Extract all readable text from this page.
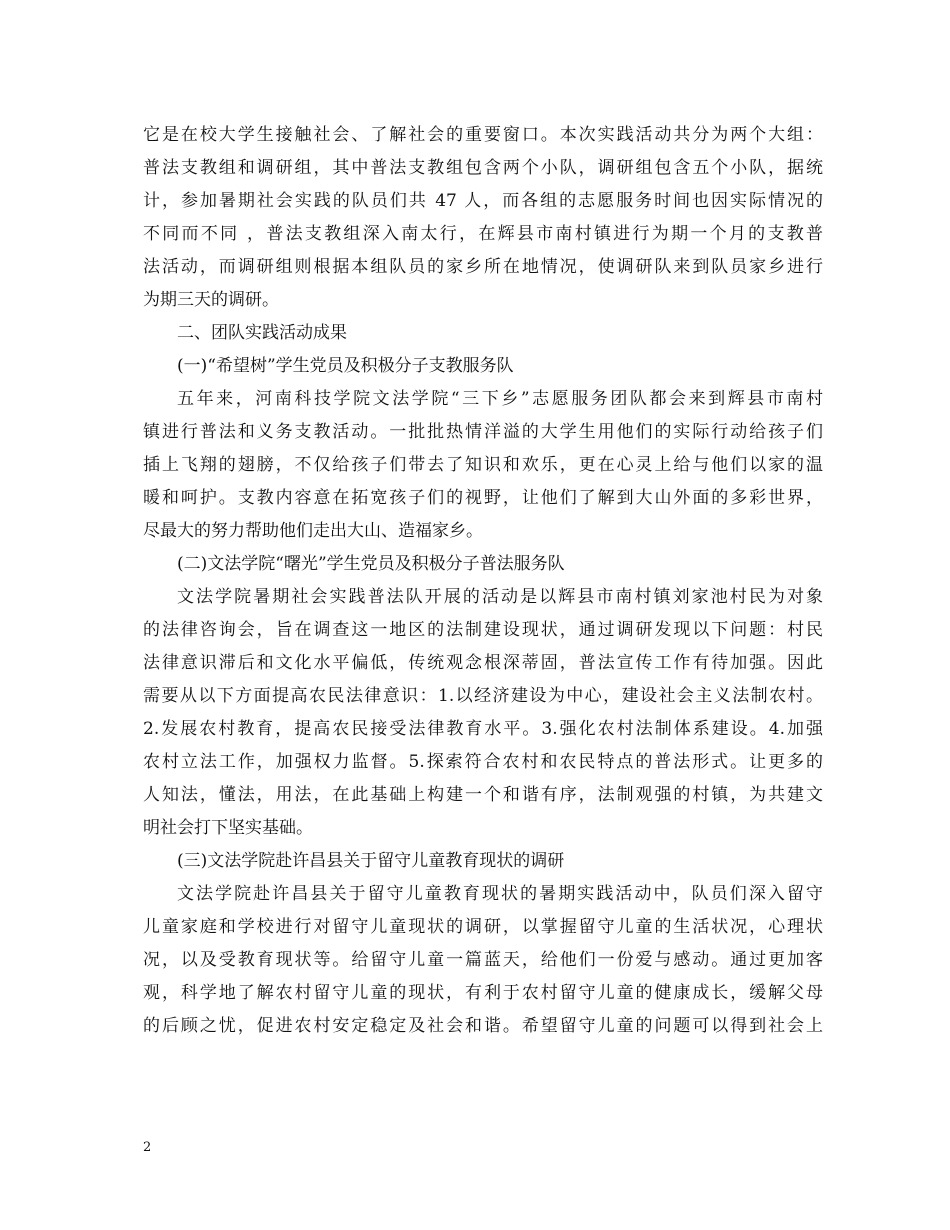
它是在校大学生接触社会、了解社会的重要窗口。本次实践活动共分为两个大组：
普法支教组和调研组，其中普法支教组包含两个小队，调研组包含五个小队，据统
计，参加暑期社会实践的队员们共 47 人，而各组的志愿服务时间也因实际情况的
不同而不同 ，普法支教组深入南太行，在辉县市南村镇进行为期一个月的支教普
法活动，而调研组则根据本组队员的家乡所在地情况，使调研队来到队员家乡进行
为期三天的调研。
二、团队实践活动成果
(一)“希望树”学生党员及积极分子支教服务队
五年来，河南科技学院文法学院“三下乡”志愿服务团队都会来到辉县市南村
镇进行普法和义务支教活动。一批批热情洋溢的大学生用他们的实际行动给孩子们
插上飞翔的翅膀，不仅给孩子们带去了知识和欢乐，更在心灵上给与他们以家的温
暖和呵护。支教内容意在拓宽孩子们的视野，让他们了解到大山外面的多彩世界，
尽最大的努力帮助他们走出大山、造福家乡。
(二)文法学院“曙光”学生党员及积极分子普法服务队
文法学院暑期社会实践普法队开展的活动是以辉县市南村镇刘家池村民为对象
的法律咨询会，旨在调查这一地区的法制建设现状，通过调研发现以下问题：村民
法律意识滞后和文化水平偏低，传统观念根深蒂固，普法宣传工作有待加强。因此
需要从以下方面提高农民法律意识：1.以经济建设为中心，建设社会主义法制农村。
2.发展农村教育，提高农民接受法律教育水平。3.强化农村法制体系建设。4.加强
农村立法工作，加强权力监督。5.探索符合农村和农民特点的普法形式。让更多的
人知法，懂法，用法，在此基础上构建一个和谐有序，法制观强的村镇，为共建文
明社会打下坚实基础。
(三)文法学院赴许昌县关于留守儿童教育现状的调研
文法学院赴许昌县关于留守儿童教育现状的暑期实践活动中，队员们深入留守
儿童家庭和学校进行对留守儿童现状的调研，以掌握留守儿童的生活状况，心理状
况，以及受教育现状等。给留守儿童一篇蓝天，给他们一份爱与感动。通过更加客
观，科学地了解农村留守儿童的现状，有利于农村留守儿童的健康成长，缓解父母
的后顾之忧，促进农村安定稳定及社会和谐。希望留守儿童的问题可以得到社会上
2
